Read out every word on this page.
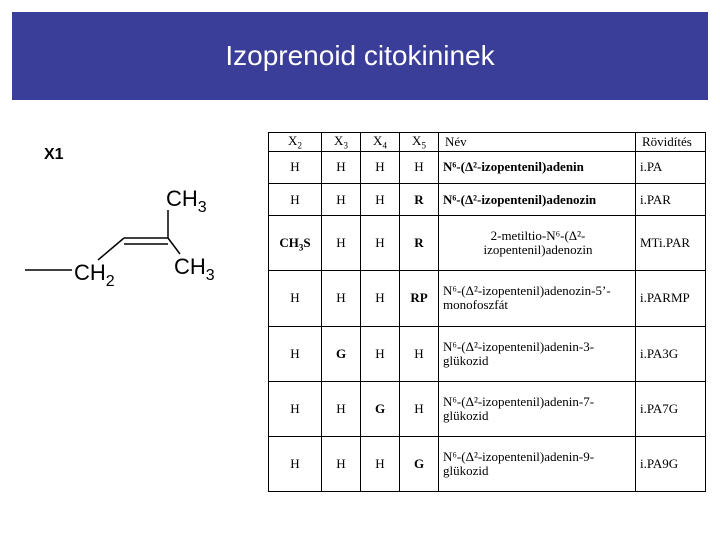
Izoprenoid citokininek
X1
$CH_3$
$CH_3$
$CH_2$
$X_2$	$X_3$	$X_4$	$X_5$	Név	Rövidítés
H	H	H	H	N⁶-(Δ²-izopentenil)adenin	i.PA
H	H	H	R	N⁶-(Δ²-izopentenil)adenozin	i.PAR
$CH_3S$	H	H	R	2-metiltio-N⁶-(Δ²-izopentenil)adenozin	MTi.PAR
H	H	H	RP	N⁶-(Δ²-izopentenil)adenozin-5’-monofoszfát	i.PARMP
H	G	H	H	N⁶-(Δ²-izopentenil)adenin-3-glükozid	i.PA3G
H	H	G	H	N⁶-(Δ²-izopentenil)adenin-7-glükozid	i.PA7G
H	H	H	G	N⁶-(Δ²-izopentenil)adenin-9-glükozid	i.PA9G
